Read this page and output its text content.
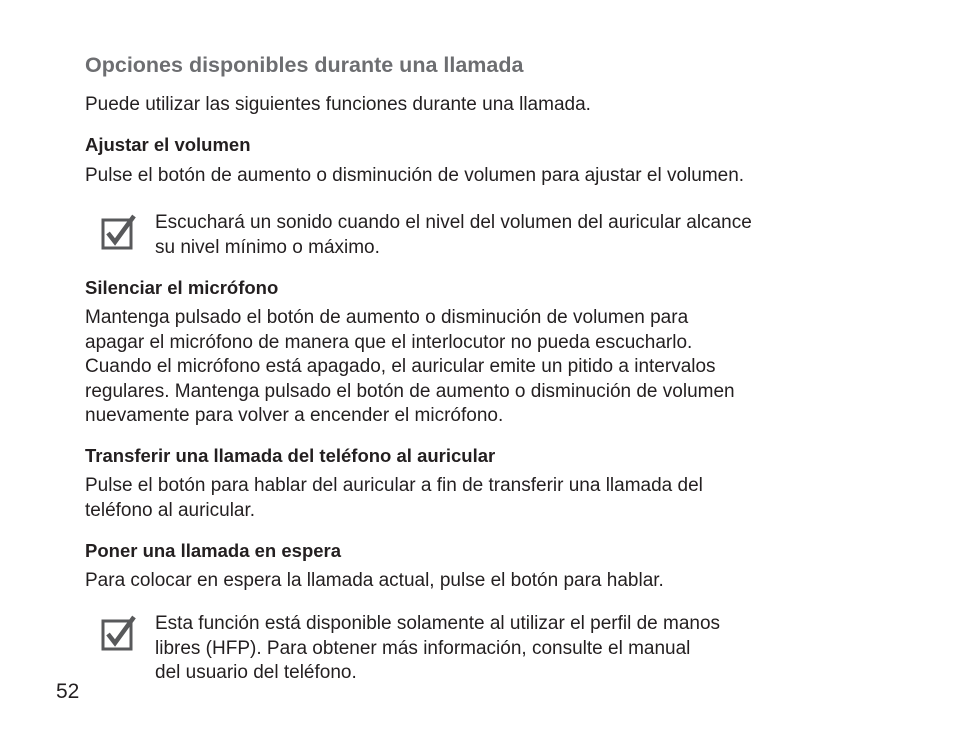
Opciones disponibles durante una llamada

Puede utilizar las siguientes funciones durante una llamada.

Ajustar el volumen

Pulse el botón de aumento o disminución de volumen para ajustar el volumen.

Escuchará un sonido cuando el nivel del volumen del auricular alcance
su nivel mínimo o máximo.

Silenciar el micrófono

Mantenga pulsado el botón de aumento o disminución de volumen para
apagar el micrófono de manera que el interlocutor no pueda escucharlo.
Cuando el micrófono está apagado, el auricular emite un pitido a intervalos
regulares. Mantenga pulsado el botón de aumento o disminución de volumen
nuevamente para volver a encender el micrófono.

Transferir una llamada del teléfono al auricular

Pulse el botón para hablar del auricular a fin de transferir una llamada del
teléfono al auricular.

Poner una llamada en espera

Para colocar en espera la llamada actual, pulse el botón para hablar.

Esta función está disponible solamente al utilizar el perfil de manos
libres (HFP). Para obtener más información, consulte el manual
del usuario del teléfono.

52
